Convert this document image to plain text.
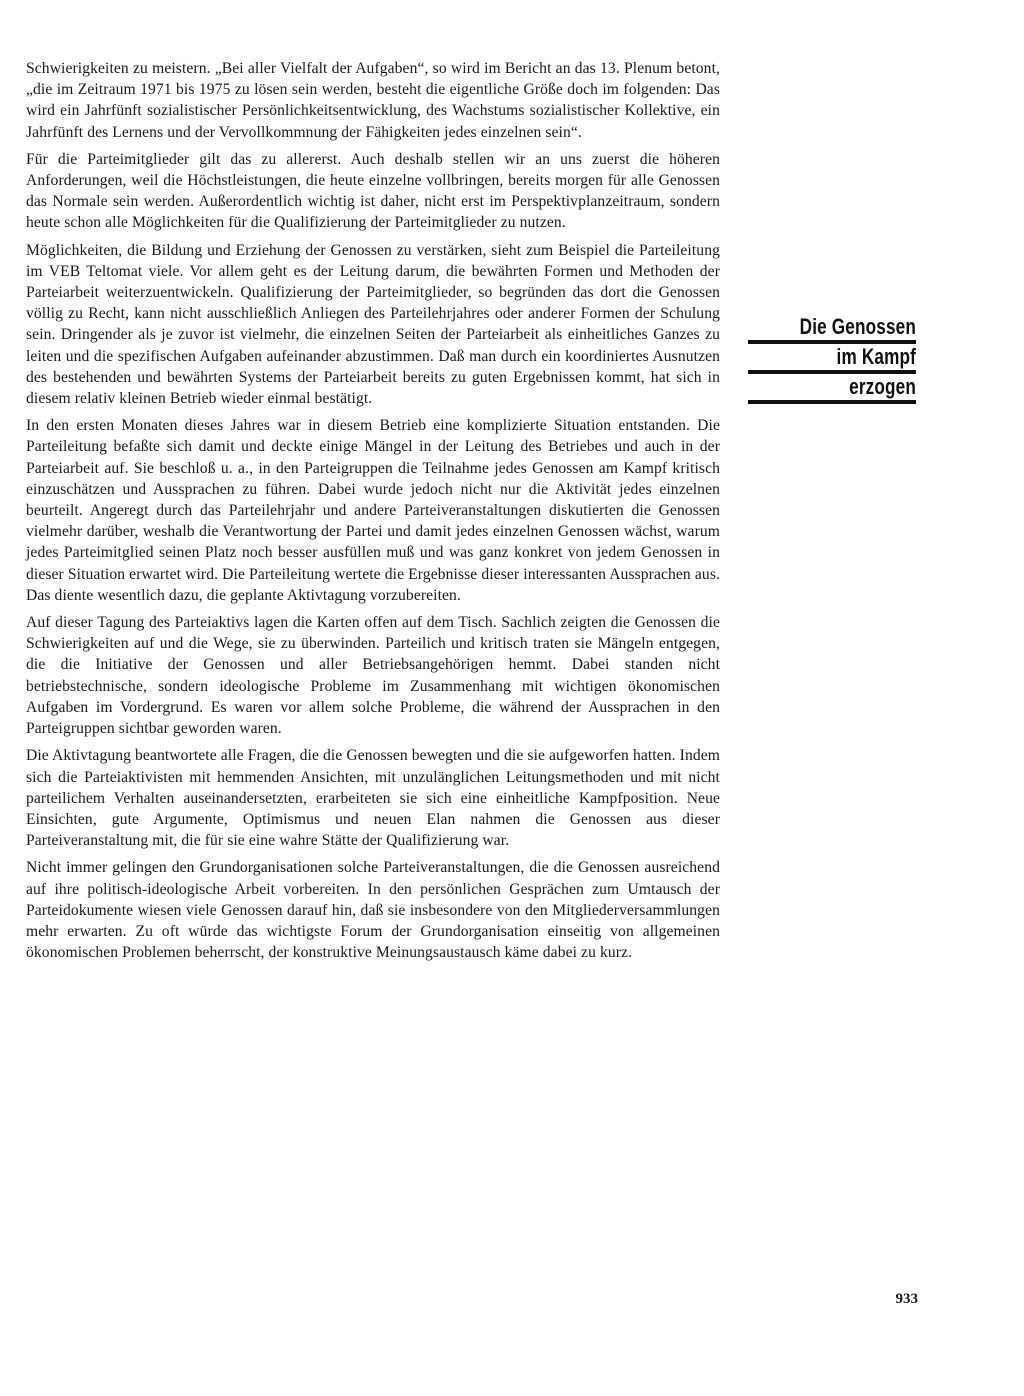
Schwierigkeiten zu meistern. „Bei aller Vielfalt der Aufgaben“, so wird im Bericht an das 13. Plenum betont, „die im Zeitraum 1971 bis 1975 zu lösen sein werden, besteht die eigentliche Größe doch im folgenden: Das wird ein Jahrfünft sozialistischer Persönlichkeitsentwicklung, des Wachstums sozialistischer Kollektive, ein Jahrfünft des Lernens und der Vervollkommnung der Fähigkeiten jedes einzelnen sein“.

Für die Parteimitglieder gilt das zu allererst. Auch deshalb stellen wir an uns zuerst die höheren Anforderungen, weil die Höchstleistungen, die heute einzelne vollbringen, bereits morgen für alle Genossen das Normale sein werden. Außerordentlich wichtig ist daher, nicht erst im Perspektivplanzeitraum, sondern heute schon alle Möglichkeiten für die Qualifizierung der Parteimitglieder zu nutzen.

Möglichkeiten, die Bildung und Erziehung der Genossen zu verstärken, sieht zum Beispiel die Parteileitung im VEB Teltomat viele. Vor allem geht es der Leitung darum, die bewährten Formen und Methoden der Parteiarbeit weiterzuentwickeln. Qualifizierung der Parteimitglieder, so begründen das dort die Genossen völlig zu Recht, kann nicht ausschließlich Anliegen des Parteilehrjahres oder anderer Formen der Schulung sein. Dringender als je zuvor ist vielmehr, die einzelnen Seiten der Parteiarbeit als einheitliches Ganzes zu leiten und die spezifischen Aufgaben aufeinander abzustimmen. Daß man durch ein koordiniertes Ausnutzen des bestehenden und bewährten Systems der Parteiarbeit bereits zu guten Ergebnissen kommt, hat sich in diesem relativ kleinen Betrieb wieder einmal bestätigt.

In den ersten Monaten dieses Jahres war in diesem Betrieb eine komplizierte Situation entstanden. Die Parteileitung befaßte sich damit und deckte einige Mängel in der Leitung des Betriebes und auch in der Parteiarbeit auf. Sie beschloß u. a., in den Parteigruppen die Teilnahme jedes Genossen am Kampf kritisch einzuschätzen und Aussprachen zu führen. Dabei wurde jedoch nicht nur die Aktivität jedes einzelnen beurteilt. Angeregt durch das Parteilehrjahr und andere Parteiveranstaltungen diskutierten die Genossen vielmehr darüber, weshalb die Verantwortung der Partei und damit jedes einzelnen Genossen wächst, warum jedes Parteimitglied seinen Platz noch besser ausfüllen muß und was ganz konkret von jedem Genossen in dieser Situation erwartet wird. Die Parteileitung wertete die Ergebnisse dieser interessanten Aussprachen aus. Das diente wesentlich dazu, die geplante Aktivtagung vorzubereiten.

Auf dieser Tagung des Parteiaktivs lagen die Karten offen auf dem Tisch. Sachlich zeigten die Genossen die Schwierigkeiten auf und die Wege, sie zu überwinden. Parteilich und kritisch traten sie Mängeln entgegen, die die Initiative der Genossen und aller Betriebsangehörigen hemmt. Dabei standen nicht betriebstechnische, sondern ideologische Probleme im Zusammenhang mit wichtigen ökonomischen Aufgaben im Vordergrund. Es waren vor allem solche Probleme, die während der Aussprachen in den Parteigruppen sichtbar geworden waren.

Die Aktivtagung beantwortete alle Fragen, die die Genossen bewegten und die sie aufgeworfen hatten. Indem sich die Parteiaktivisten mit hemmenden Ansichten, mit unzulänglichen Leitungsmethoden und mit nicht parteilichem Verhalten auseinandersetzten, erarbeiteten sie sich eine einheitliche Kampfposition. Neue Einsichten, gute Argumente, Optimismus und neuen Elan nahmen die Genossen aus dieser Parteiveranstaltung mit, die für sie eine wahre Stätte der Qualifizierung war.

Nicht immer gelingen den Grundorganisationen solche Parteiveranstaltungen, die die Genossen ausreichend auf ihre politisch-ideologische Arbeit vorbereiten. In den persönlichen Gesprächen zum Umtausch der Parteidokumente wiesen viele Genossen darauf hin, daß sie insbesondere von den Mitgliederversammlungen mehr erwarten. Zu oft würde das wichtigste Forum der Grundorganisation einseitig von allgemeinen ökonomischen Problemen beherrscht, der konstruktive Meinungsaustausch käme dabei zu kurz.

Die Genossen
im Kampf
erzogen
933
